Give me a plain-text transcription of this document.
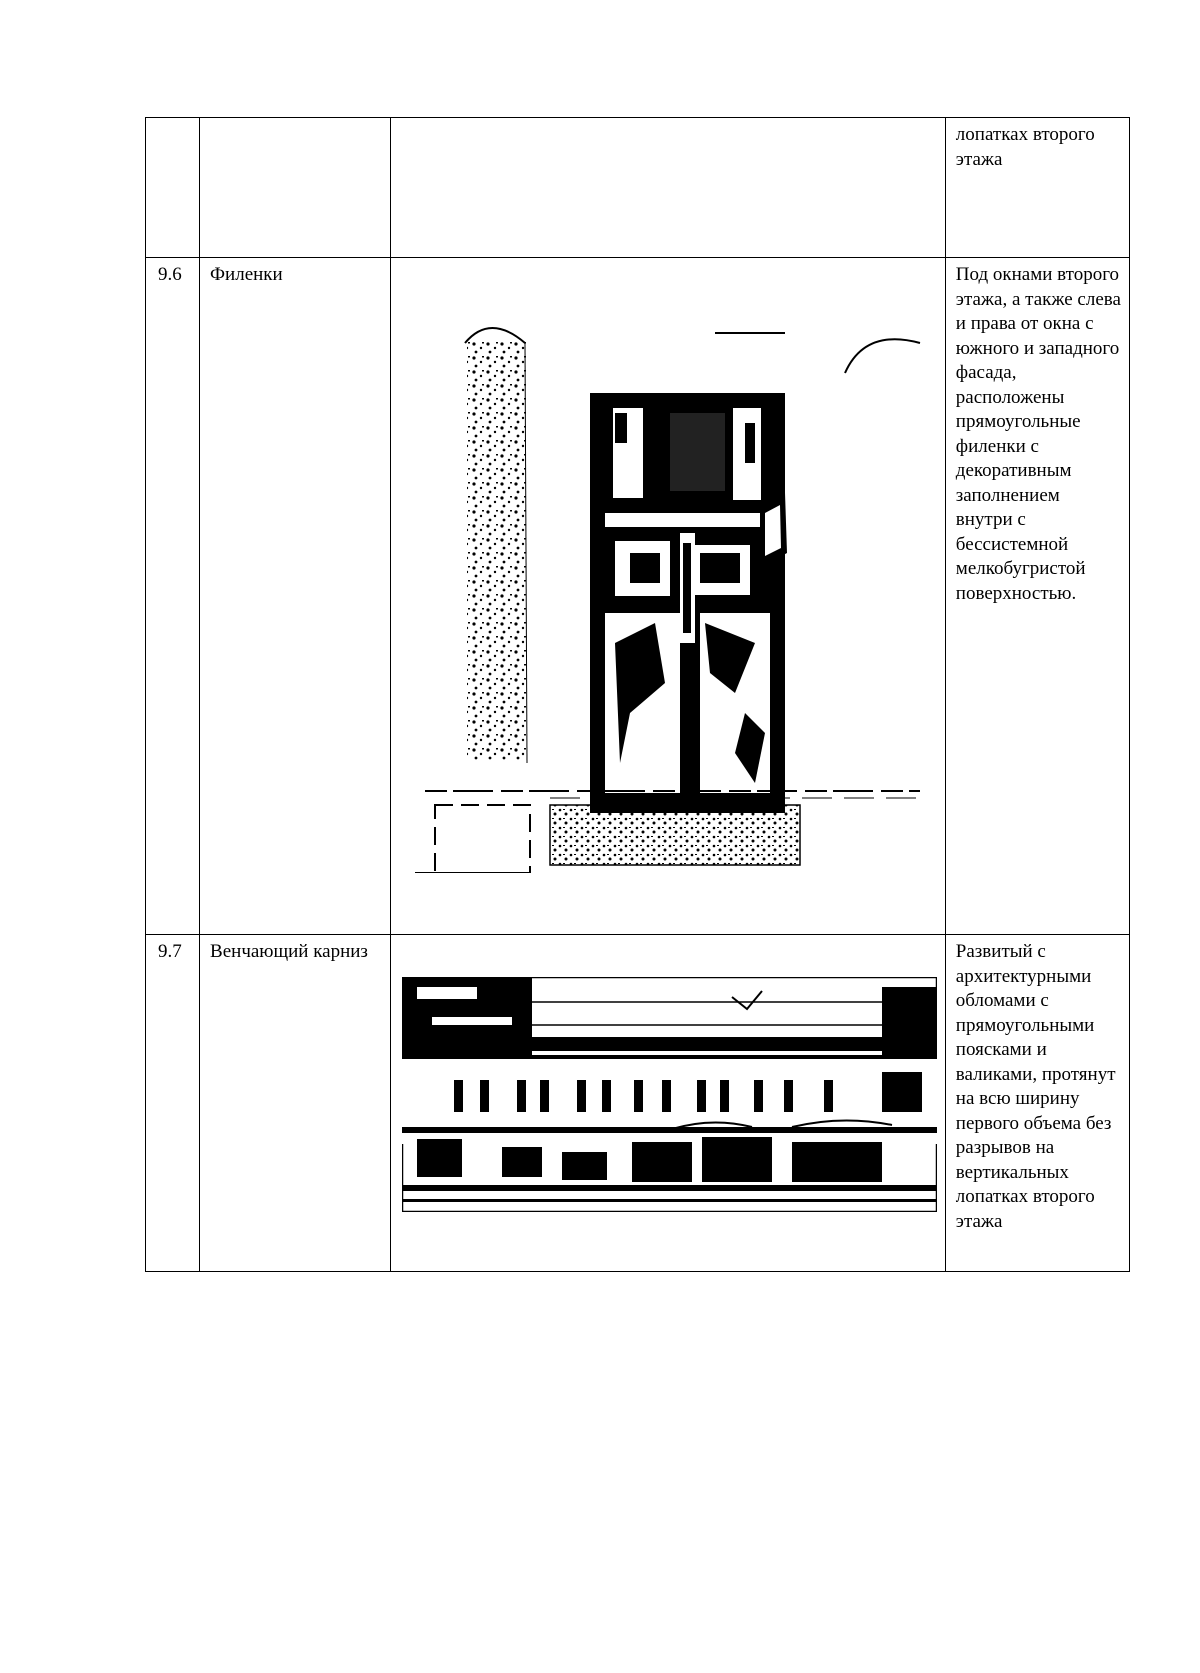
			лопатках второго этажа

9.6	Филенки		Под окнами второго этажа, а также слева и права от окна с южного и западного фасада, расположены прямоугольные филенки с декоративным заполнением внутри с бессистемной мелкобугристой поверхностью.

9.7	Венчающий карниз		Развитый с архитектурными обломами с прямоугольными поясками и валиками, протянут на всю ширину первого объема без разрывов на вертикальных лопатках второго этажа
